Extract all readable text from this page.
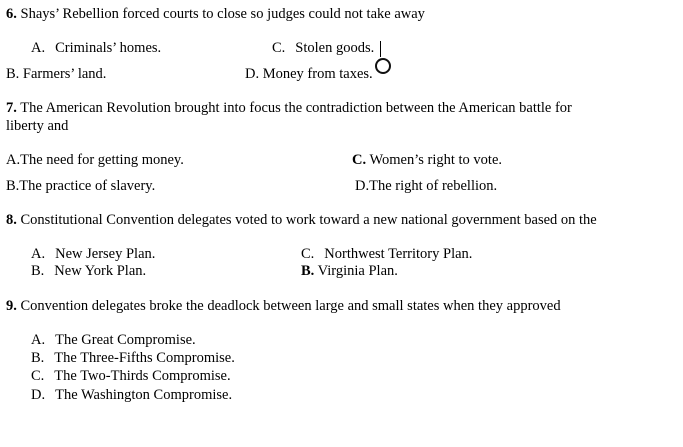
6. Shays’ Rebellion forced courts to close so judges could not take away
A. Criminals’ homes.	C. Stolen goods.
B. Farmers’ land.	D. Money from taxes.
7. The American Revolution brought into focus the contradiction between the American battle for
liberty and
A.The need for getting money.	C. Women’s right to vote.
B.The practice of slavery.	D.The right of rebellion.
8. Constitutional Convention delegates voted to work toward a new national government based on the
A. New Jersey Plan.	C. Northwest Territory Plan.
B. New York Plan.	B. Virginia Plan.
9. Convention delegates broke the deadlock between large and small states when they approved
A. The Great Compromise.
B. The Three-Fifths Compromise.
C. The Two-Thirds Compromise.
D. The Washington Compromise.
